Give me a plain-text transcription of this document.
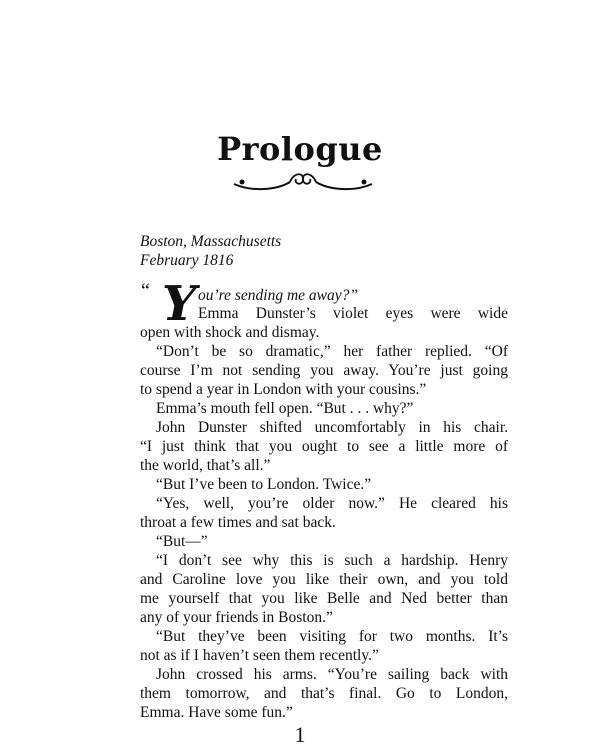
Prologue
Boston, Massachusetts
February 1816
“ Y ou’re sending me away?”
Emma Dunster’s violet eyes were wide
open with shock and dismay.
“Don’t be so dramatic,” her father replied. “Of
course I’m not sending you away. You’re just going
to spend a year in London with your cousins.”
Emma’s mouth fell open. “But . . . why?”
John Dunster shifted uncomfortably in his chair.
“I just think that you ought to see a little more of
the world, that’s all.”
“But I’ve been to London. Twice.”
“Yes, well, you’re older now.” He cleared his
throat a few times and sat back.
“But—”
“I don’t see why this is such a hardship. Henry
and Caroline love you like their own, and you told
me yourself that you like Belle and Ned better than
any of your friends in Boston.”
“But they’ve been visiting for two months. It’s
not as if I haven’t seen them recently.”
John crossed his arms. “You’re sailing back with
them tomorrow, and that’s final. Go to London,
Emma. Have some fun.”
1
